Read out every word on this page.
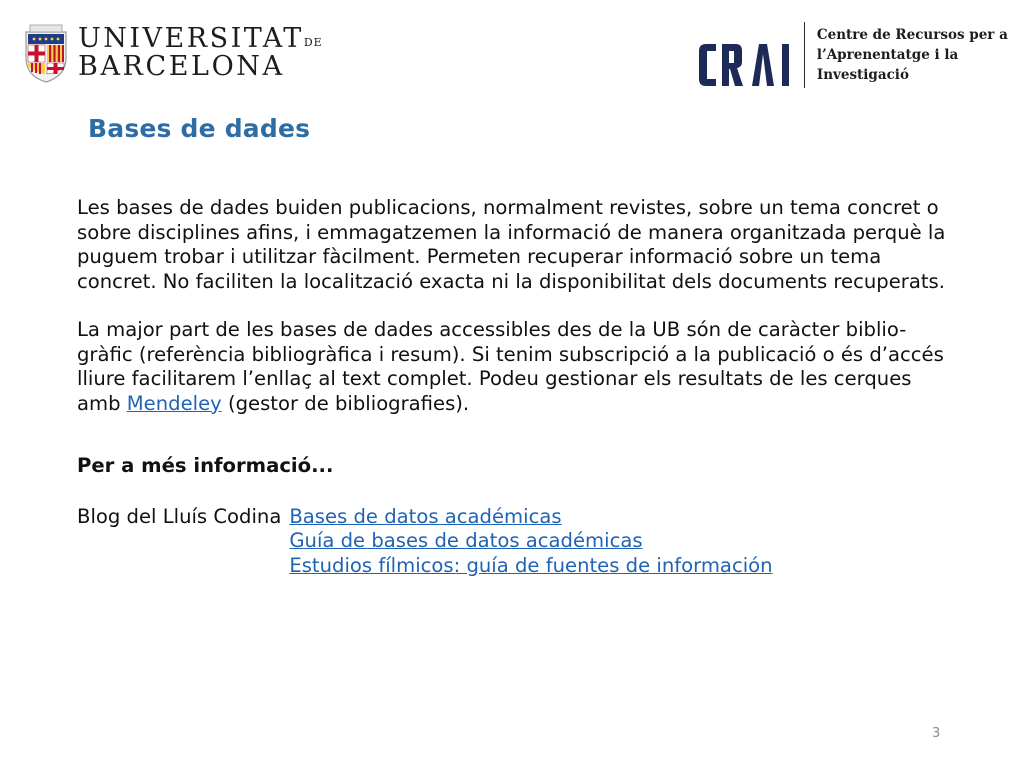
$UNIVERSITAT^{DE}$
BARCELONA
Centre de Recursos per a
l’Aprenentatge i la Investigació
Bases de dades

Les bases de dades buiden publicacions, normalment revistes, sobre un tema concret o sobre disciplines afins, i emmagatzemen la informació de manera organitzada perquè la puguem trobar i utilitzar fàcilment. Permeten recuperar informació sobre un tema concret. No faciliten la localització exacta ni la disponibilitat dels documents recuperats.

La major part de les bases de dades accessibles des de la UB són de caràcter biblio-gràfic (referència bibliogràfica i resum). Si tenim subscripció a la publicació o és d’accés lliure facilitarem l’enllaç al text complet. Podeu gestionar els resultats de les cerques amb Mendeley (gestor de bibliografies).

Per a més informació...

Blog del Lluís Codina Bases de datos académicas
Guía de bases de datos académicas
Estudios fílmicos: guía de fuentes de información
3
